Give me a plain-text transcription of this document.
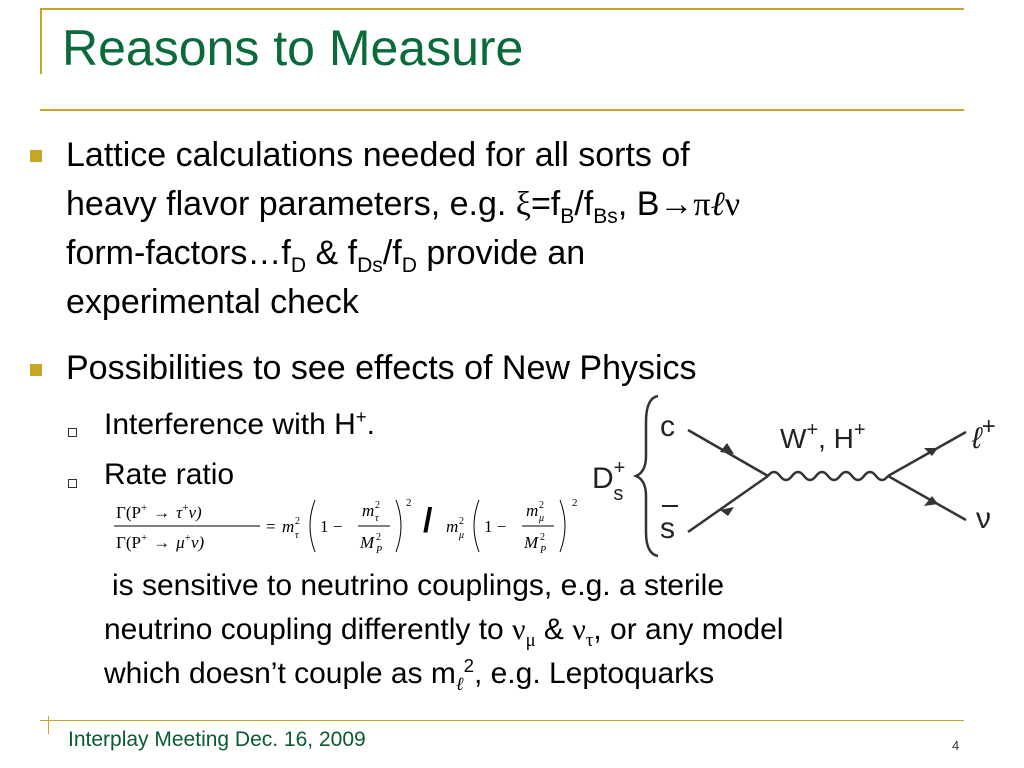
Reasons to Measure
Lattice calculations needed for all sorts of
heavy flavor parameters, e.g. $\xi=f_B/f_{Bs}$, B→πℓν
form-$factors\dots f_D$ & $f_{Ds}/f_D$ provide an
experimental check
Possibilities to see effects of New Physics
Interference with H+.
Rate ratio
Γ(P+ → τ+ν)
Γ(P+ → μ+ν)
= m 2
τ 1 −
m 2
τ
M 2
P
2 / m 2
μ 1 −
m 2
μ
M 2
P
2
is sensitive to neutrino couplings, e.g. a sterile
neutrino coupling differently to $\nu_\mu$ & $\nu_\tau$, or any model
which doesn’t couple as $m_\ell^2$, e.g. Leptoquarks
D+ s
c
s
W+, H+	ℓ+
ν
Interplay Meeting Dec. 16, 2009	4
